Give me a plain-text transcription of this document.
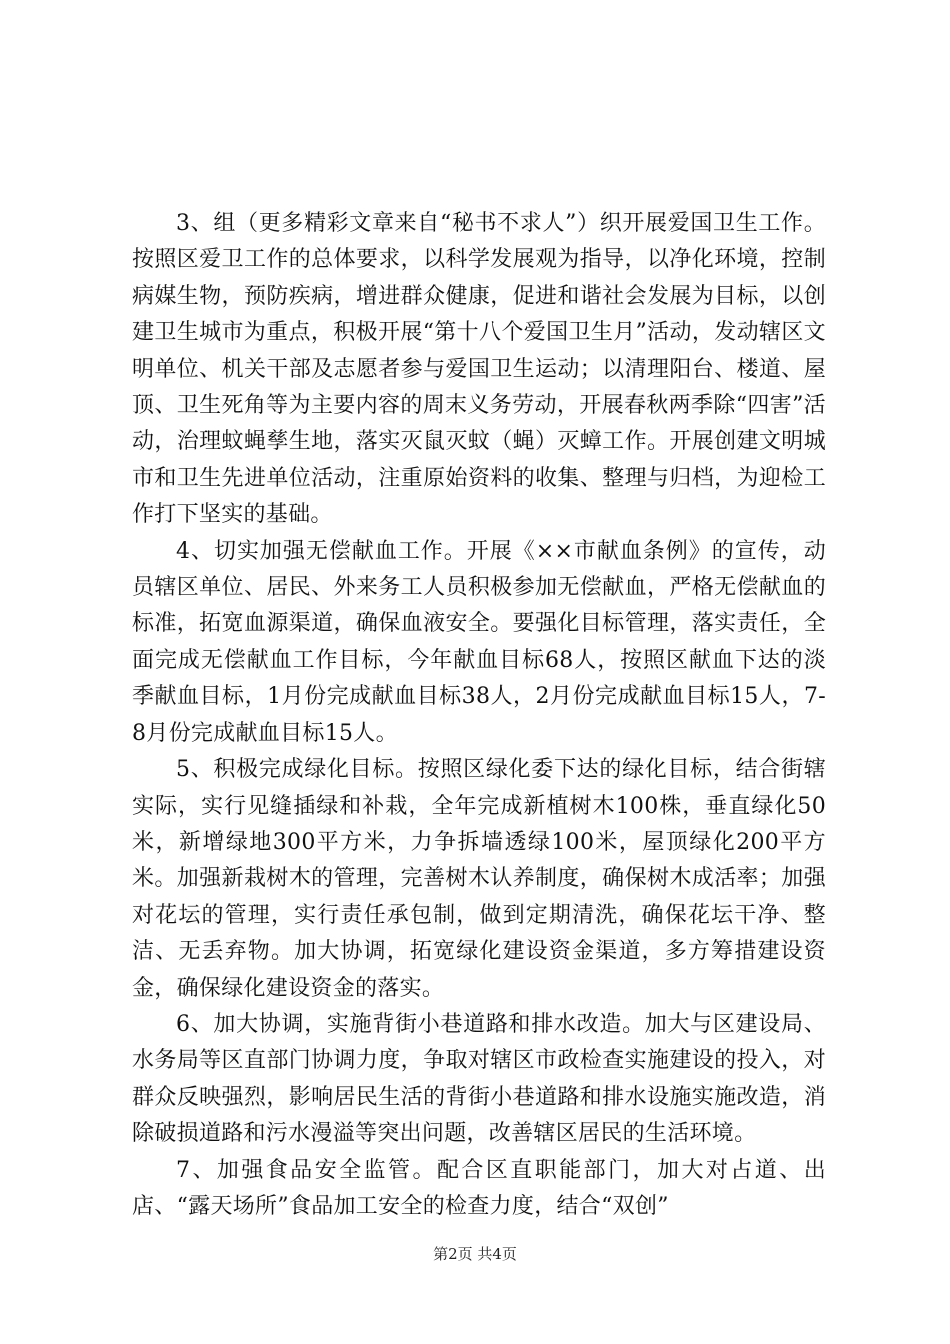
3、组（更多精彩文章来自“秘书不求人”）织开展爱国卫生工作。按照区爱卫工作的总体要求，以科学发展观为指导，以净化环境，控制病媒生物，预防疾病，增进群众健康，促进和谐社会发展为目标，以创建卫生城市为重点，积极开展“第十八个爱国卫生月”活动，发动辖区文明单位、机关干部及志愿者参与爱国卫生运动；以清理阳台、楼道、屋顶、卫生死角等为主要内容的周末义务劳动，开展春秋两季除“四害”活动，治理蚊蝇孳生地，落实灭鼠灭蚊（蝇）灭蟑工作。开展创建文明城市和卫生先进单位活动，注重原始资料的收集、整理与归档，为迎检工作打下坚实的基础。

4、切实加强无偿献血工作。开展《××市献血条例》的宣传，动员辖区单位、居民、外来务工人员积极参加无偿献血，严格无偿献血的标准，拓宽血源渠道，确保血液安全。要强化目标管理，落实责任，全面完成无偿献血工作目标，今年献血目标68人，按照区献血下达的淡季献血目标，1月份完成献血目标38人，2月份完成献血目标15人，7-8月份完成献血目标15人。

5、积极完成绿化目标。按照区绿化委下达的绿化目标，结合街辖实际，实行见缝插绿和补栽，全年完成新植树木100株，垂直绿化50米，新增绿地300平方米，力争拆墙透绿100米，屋顶绿化200平方米。加强新栽树木的管理，完善树木认养制度，确保树木成活率；加强对花坛的管理，实行责任承包制，做到定期清洗，确保花坛干净、整洁、无丢弃物。加大协调，拓宽绿化建设资金渠道，多方筹措建设资金，确保绿化建设资金的落实。

6、加大协调，实施背街小巷道路和排水改造。加大与区建设局、水务局等区直部门协调力度，争取对辖区市政检查实施建设的投入，对群众反映强烈，影响居民生活的背街小巷道路和排水设施实施改造，消除破损道路和污水漫溢等突出问题，改善辖区居民的生活环境。

7、加强食品安全监管。配合区直职能部门，加大对占道、出店、“露天场所”食品加工安全的检查力度，结合“双创”

第2页 共4页
